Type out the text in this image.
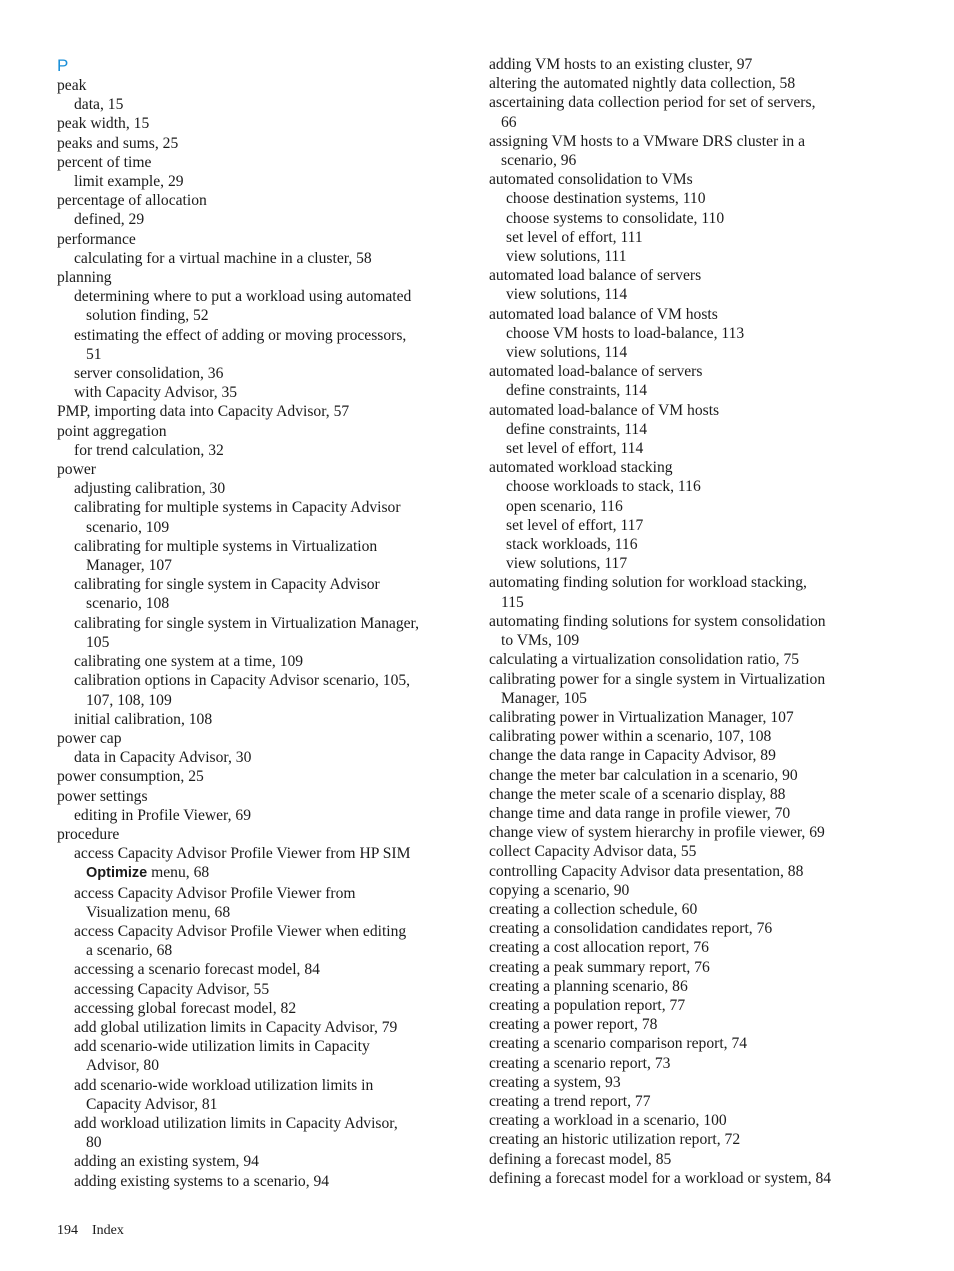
P
peak
data, 15
peak width, 15
peaks and sums, 25
percent of time
limit example, 29
percentage of allocation
defined, 29
performance
calculating for a virtual machine in a cluster, 58
planning
determining where to put a workload using automated
solution finding, 52
estimating the effect of adding or moving processors,
51
server consolidation, 36
with Capacity Advisor, 35
PMP, importing data into Capacity Advisor, 57
point aggregation
for trend calculation, 32
power
adjusting calibration, 30
calibrating for multiple systems in Capacity Advisor
scenario, 109
calibrating for multiple systems in Virtualization
Manager, 107
calibrating for single system in Capacity Advisor
scenario, 108
calibrating for single system in Virtualization Manager,
105
calibrating one system at a time, 109
calibration options in Capacity Advisor scenario, 105,
107, 108, 109
initial calibration, 108
power cap
data in Capacity Advisor, 30
power consumption, 25
power settings
editing in Profile Viewer, 69
procedure
access Capacity Advisor Profile Viewer from HP SIM
Optimize menu, 68
access Capacity Advisor Profile Viewer from
Visualization menu, 68
access Capacity Advisor Profile Viewer when editing
a scenario, 68
accessing a scenario forecast model, 84
accessing Capacity Advisor, 55
accessing global forecast model, 82
add global utilization limits in Capacity Advisor, 79
add scenario-wide utilization limits in Capacity
Advisor, 80
add scenario-wide workload utilization limits in
Capacity Advisor, 81
add workload utilization limits in Capacity Advisor,
80
adding an existing system, 94
adding existing systems to a scenario, 94
adding VM hosts to an existing cluster, 97
altering the automated nightly data collection, 58
ascertaining data collection period for set of servers,
66
assigning VM hosts to a VMware DRS cluster in a
scenario, 96
automated consolidation to VMs
choose destination systems, 110
choose systems to consolidate, 110
set level of effort, 111
view solutions, 111
automated load balance of servers
view solutions, 114
automated load balance of VM hosts
choose VM hosts to load-balance, 113
view solutions, 114
automated load-balance of servers
define constraints, 114
automated load-balance of VM hosts
define constraints, 114
set level of effort, 114
automated workload stacking
choose workloads to stack, 116
open scenario, 116
set level of effort, 117
stack workloads, 116
view solutions, 117
automating finding solution for workload stacking,
115
automating finding solutions for system consolidation
to VMs, 109
calculating a virtualization consolidation ratio, 75
calibrating power for a single system in Virtualization
Manager, 105
calibrating power in Virtualization Manager, 107
calibrating power within a scenario, 107, 108
change the data range in Capacity Advisor, 89
change the meter bar calculation in a scenario, 90
change the meter scale of a scenario display, 88
change time and data range in profile viewer, 70
change view of system hierarchy in profile viewer, 69
collect Capacity Advisor data, 55
controlling Capacity Advisor data presentation, 88
copying a scenario, 90
creating a collection schedule, 60
creating a consolidation candidates report, 76
creating a cost allocation report, 76
creating a peak summary report, 76
creating a planning scenario, 86
creating a population report, 77
creating a power report, 78
creating a scenario comparison report, 74
creating a scenario report, 73
creating a system, 93
creating a trend report, 77
creating a workload in a scenario, 100
creating an historic utilization report, 72
defining a forecast model, 85
defining a forecast model for a workload or system, 84
194 Index
